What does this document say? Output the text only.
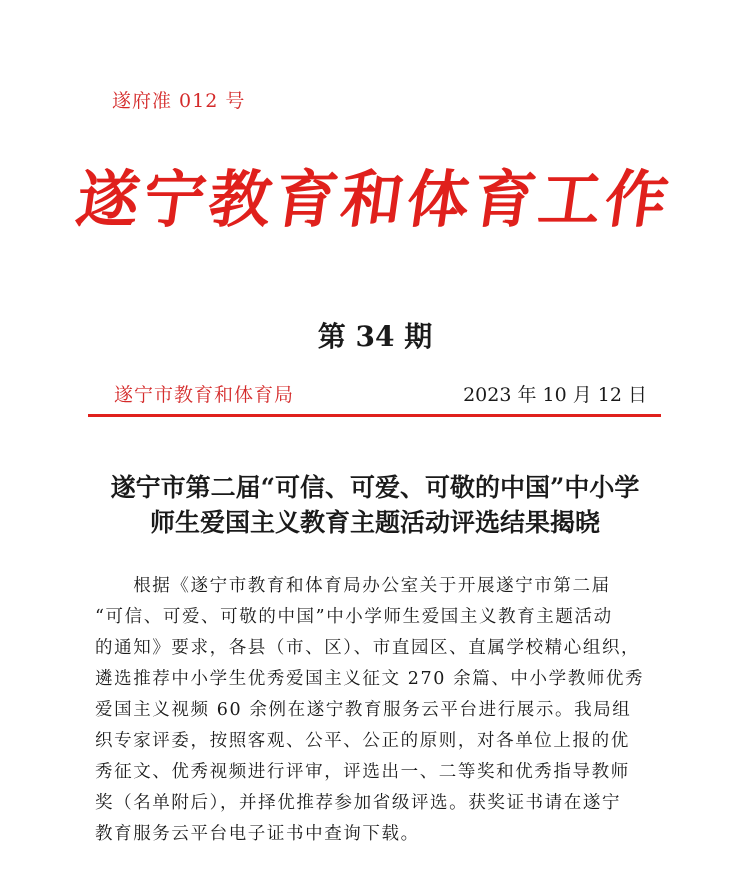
遂府准 012 号
遂宁教育和体育工作
第 34 期
遂宁市教育和体育局	2023 年 10 月 12 日
遂宁市第二届“可信、可爱、可敬的中国”中小学
师生爱国主义教育主题活动评选结果揭晓

　　根据《遂宁市教育和体育局办公室关于开展遂宁市第二届

“可信、可爱、可敬的中国”中小学师生爱国主义教育主题活动

的通知》要求，各县（市、区）、市直园区、直属学校精心组织，

遴选推荐中小学生优秀爱国主义征文 270 余篇、中小学教师优秀

爱国主义视频 60 余例在遂宁教育服务云平台进行展示。我局组

织专家评委，按照客观、公平、公正的原则，对各单位上报的优

秀征文、优秀视频进行评审，评选出一、二等奖和优秀指导教师

奖（名单附后），并择优推荐参加省级评选。获奖证书请在遂宁

教育服务云平台电子证书中查询下载。
